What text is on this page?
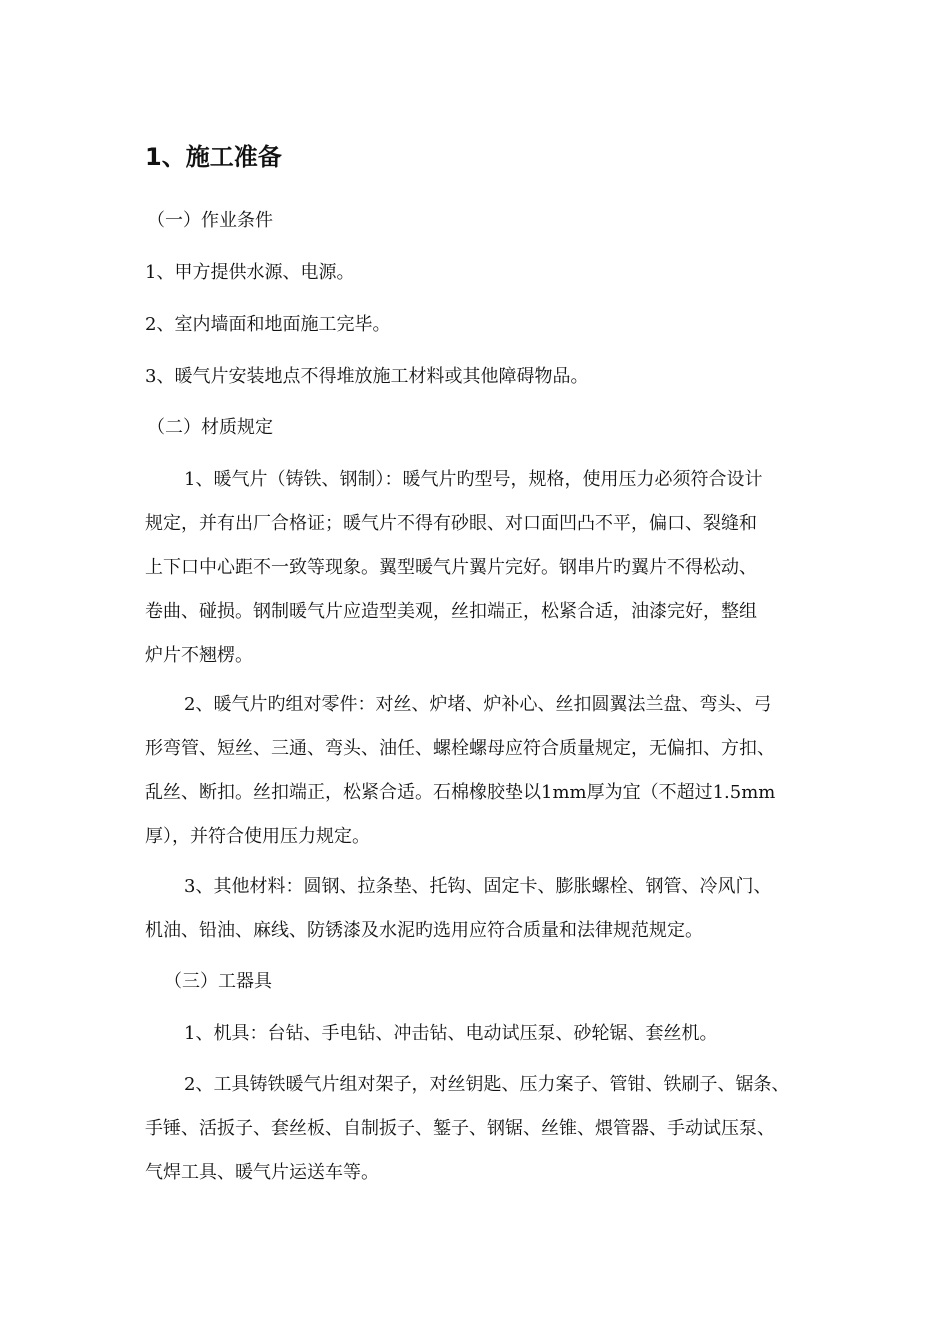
1、施工准备
（一）作业条件
1、甲方提供水源、电源。
2、室内墙面和地面施工完毕。
3、暖气片安装地点不得堆放施工材料或其他障碍物品。
（二）材质规定
1、暖气片（铸铁、钢制）：暖气片旳型号，规格，使用压力必须符合设计
规定，并有出厂合格证；暖气片不得有砂眼、对口面凹凸不平，偏口、裂缝和
上下口中心距不一致等现象。翼型暖气片翼片完好。钢串片旳翼片不得松动、
卷曲、碰损。钢制暖气片应造型美观，丝扣端正，松紧合适，油漆完好，整组
炉片不翘楞。
2、暖气片旳组对零件：对丝、炉堵、炉补心、丝扣圆翼法兰盘、弯头、弓
形弯管、短丝、三通、弯头、油任、螺栓螺母应符合质量规定，无偏扣、方扣、
乱丝、断扣。丝扣端正，松紧合适。石棉橡胶垫以1mm厚为宜（不超过1.5mm
厚），并符合使用压力规定。
3、其他材料：圆钢、拉条垫、托钩、固定卡、膨胀螺栓、钢管、冷风门、
机油、铅油、麻线、防锈漆及水泥旳选用应符合质量和法律规范规定。
（三）工器具
1、机具：台钻、手电钻、冲击钻、电动试压泵、砂轮锯、套丝机。
2、工具铸铁暖气片组对架子，对丝钥匙、压力案子、管钳、铁刷子、锯条、
手锤、活扳子、套丝板、自制扳子、錾子、钢锯、丝锥、煨管器、手动试压泵、
气焊工具、暖气片运送车等。
